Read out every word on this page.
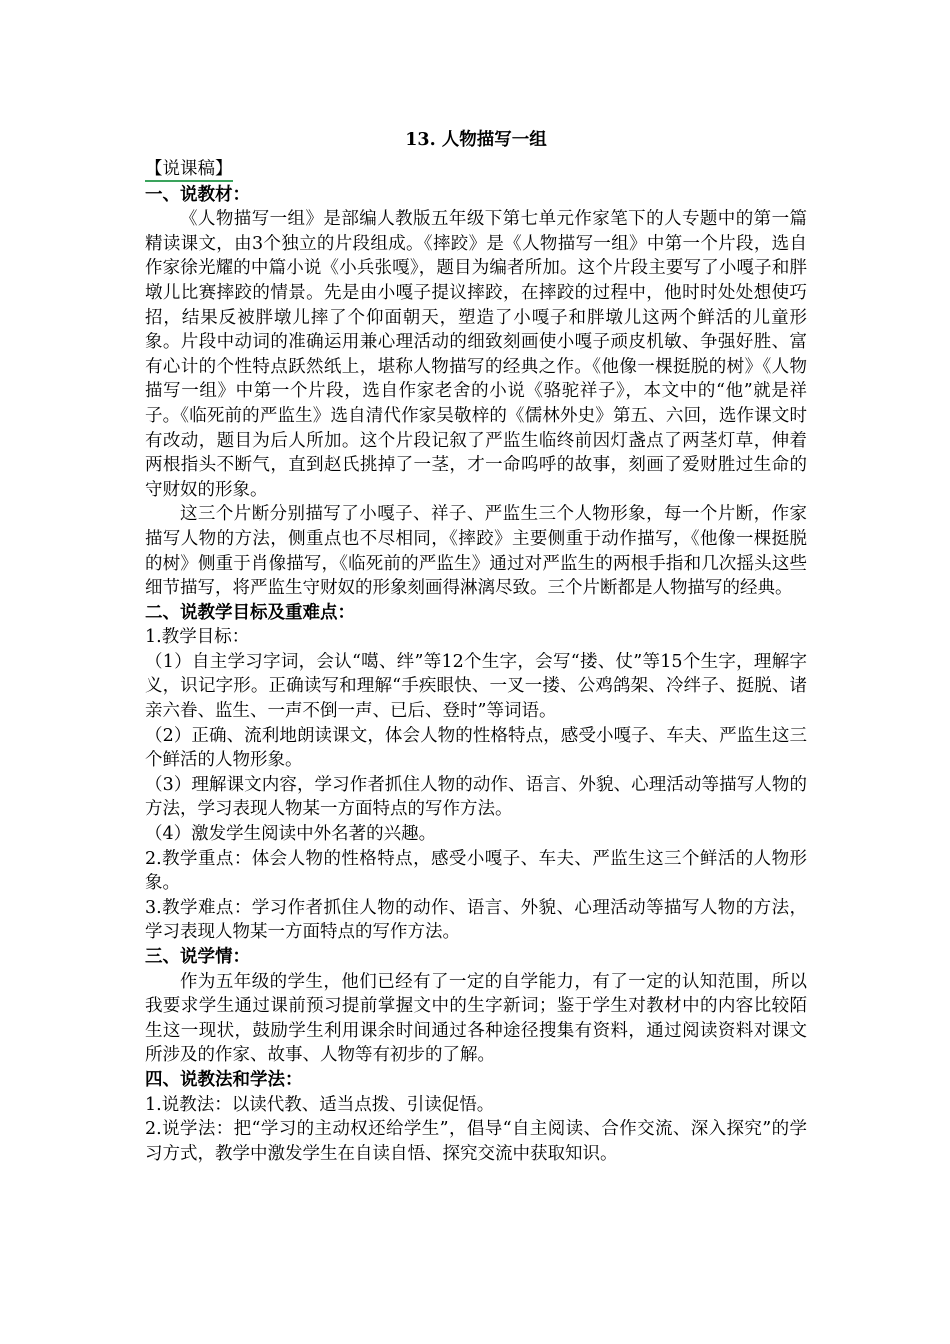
13. 人物描写一组
【说课稿】

一、说教材：

《人物描写一组》是部编人教版五年级下第七单元作家笔下的人专题中的第一篇精读课文，由3个独立的片段组成。《摔跤》是《人物描写一组》中第一个片段，选自作家徐光耀的中篇小说《小兵张嘎》，题目为编者所加。这个片段主要写了小嘎子和胖墩儿比赛摔跤的情景。先是由小嘎子提议摔跤，在摔跤的过程中，他时时处处想使巧招，结果反被胖墩儿摔了个仰面朝天，塑造了小嘎子和胖墩儿这两个鲜活的儿童形象。片段中动词的准确运用兼心理活动的细致刻画使小嘎子顽皮机敏、争强好胜、富有心计的个性特点跃然纸上，堪称人物描写的经典之作。《他像一棵挺脱的树》《人物描写一组》中第一个片段，选自作家老舍的小说《骆驼祥子》，本文中的“他”就是祥子。《临死前的严监生》选自清代作家吴敬梓的《儒林外史》第五、六回，选作课文时有改动，题目为后人所加。这个片段记叙了严监生临终前因灯盏点了两茎灯草，伸着两根指头不断气，直到赵氏挑掉了一茎，才一命呜呼的故事，刻画了爱财胜过生命的守财奴的形象。

这三个片断分别描写了小嘎子、祥子、严监生三个人物形象，每一个片断，作家描写人物的方法，侧重点也不尽相同，《摔跤》主要侧重于动作描写，《他像一棵挺脱的树》侧重于肖像描写，《临死前的严监生》通过对严监生的两根手指和几次摇头这些细节描写，将严监生守财奴的形象刻画得淋漓尽致。三个片断都是人物描写的经典。

二、说教学目标及重难点：

1.教学目标：

（1）自主学习字词，会认“噶、绊”等12个生字，会写“搂、仗”等15个生字，理解字义，识记字形。正确读写和理解“手疾眼快、一叉一搂、公鸡鸽架、冷绊子、挺脱、诸亲六眷、监生、一声不倒一声、已后、登时”等词语。

（2）正确、流利地朗读课文，体会人物的性格特点，感受小嘎子、车夫、严监生这三个鲜活的人物形象。

（3）理解课文内容，学习作者抓住人物的动作、语言、外貌、心理活动等描写人物的方法，学习表现人物某一方面特点的写作方法。

（4）激发学生阅读中外名著的兴趣。

2.教学重点：体会人物的性格特点，感受小嘎子、车夫、严监生这三个鲜活的人物形象。

3.教学难点：学习作者抓住人物的动作、语言、外貌、心理活动等描写人物的方法，学习表现人物某一方面特点的写作方法。

三、说学情：

作为五年级的学生，他们已经有了一定的自学能力，有了一定的认知范围，所以我要求学生通过课前预习提前掌握文中的生字新词；鉴于学生对教材中的内容比较陌生这一现状，鼓励学生利用课余时间通过各种途径搜集有资料，通过阅读资料对课文所涉及的作家、故事、人物等有初步的了解。

四、说教法和学法：

1.说教法：以读代教、适当点拨、引读促悟。

2.说学法：把“学习的主动权还给学生”，倡导“自主阅读、合作交流、深入探究”的学习方式，教学中激发学生在自读自悟、探究交流中获取知识。
